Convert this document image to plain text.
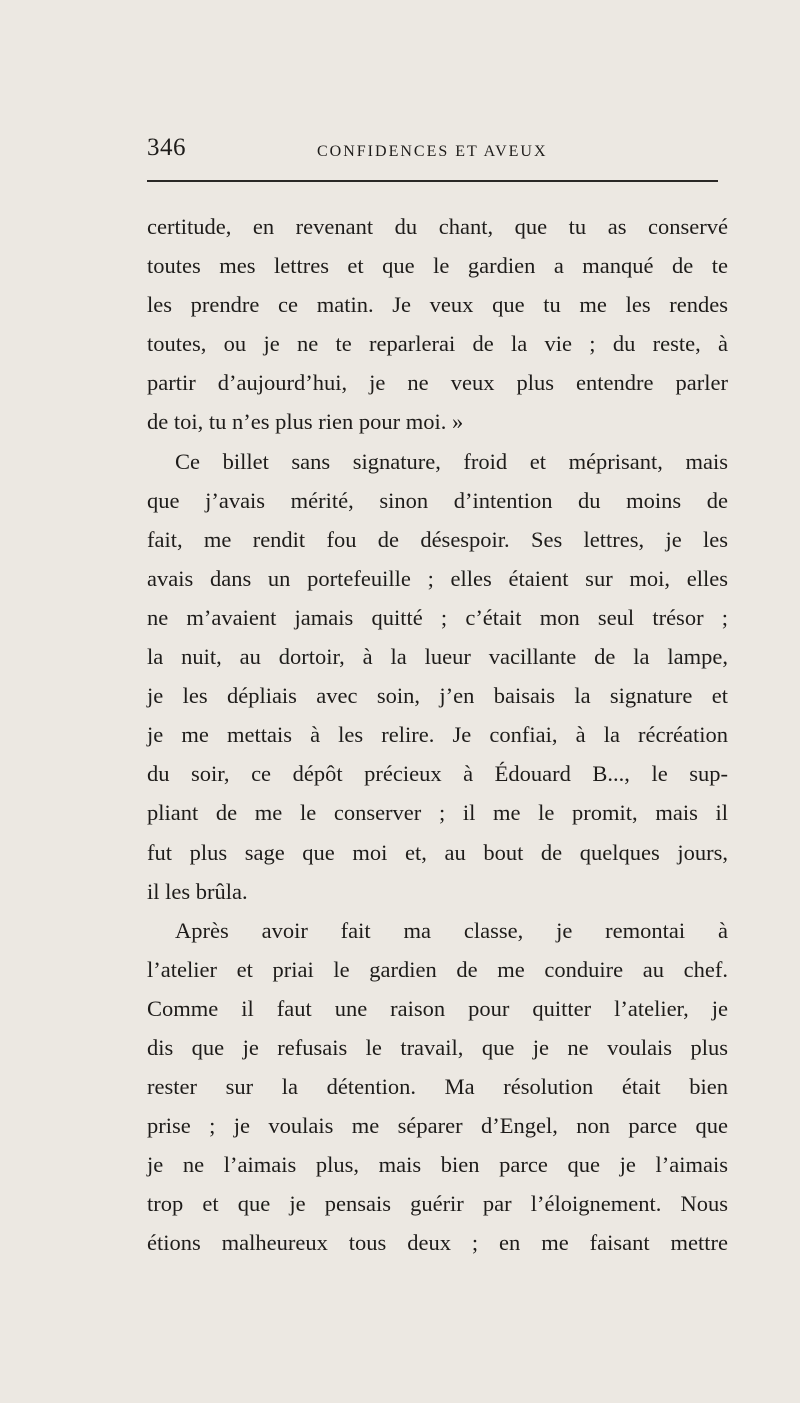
346	CONFIDENCES ET AVEUX
certitude, en revenant du chant, que tu as conservé
toutes mes lettres et que le gardien a manqué de te
les prendre ce matin. Je veux que tu me les rendes
toutes, ou je ne te reparlerai de la vie ; du reste, à
partir d’aujourd’hui, je ne veux plus entendre parler
de toi, tu n’es plus rien pour moi. »
Ce billet sans signature, froid et méprisant, mais
que j’avais mérité, sinon d’intention du moins de
fait, me rendit fou de désespoir. Ses lettres, je les
avais dans un portefeuille ; elles étaient sur moi, elles
ne m’avaient jamais quitté ; c’était mon seul trésor ;
la nuit, au dortoir, à la lueur vacillante de la lampe,
je les dépliais avec soin, j’en baisais la signature et
je me mettais à les relire. Je confiai, à la récréation
du soir, ce dépôt précieux à Édouard B..., le sup-
pliant de me le conserver ; il me le promit, mais il
fut plus sage que moi et, au bout de quelques jours,
il les brûla.
Après avoir fait ma classe, je remontai à
l’atelier et priai le gardien de me conduire au chef.
Comme il faut une raison pour quitter l’atelier, je
dis que je refusais le travail, que je ne voulais plus
rester sur la détention. Ma résolution était bien
prise ; je voulais me séparer d’Engel, non parce que
je ne l’aimais plus, mais bien parce que je l’aimais
trop et que je pensais guérir par l’éloignement. Nous
étions malheureux tous deux ; en me faisant mettre
